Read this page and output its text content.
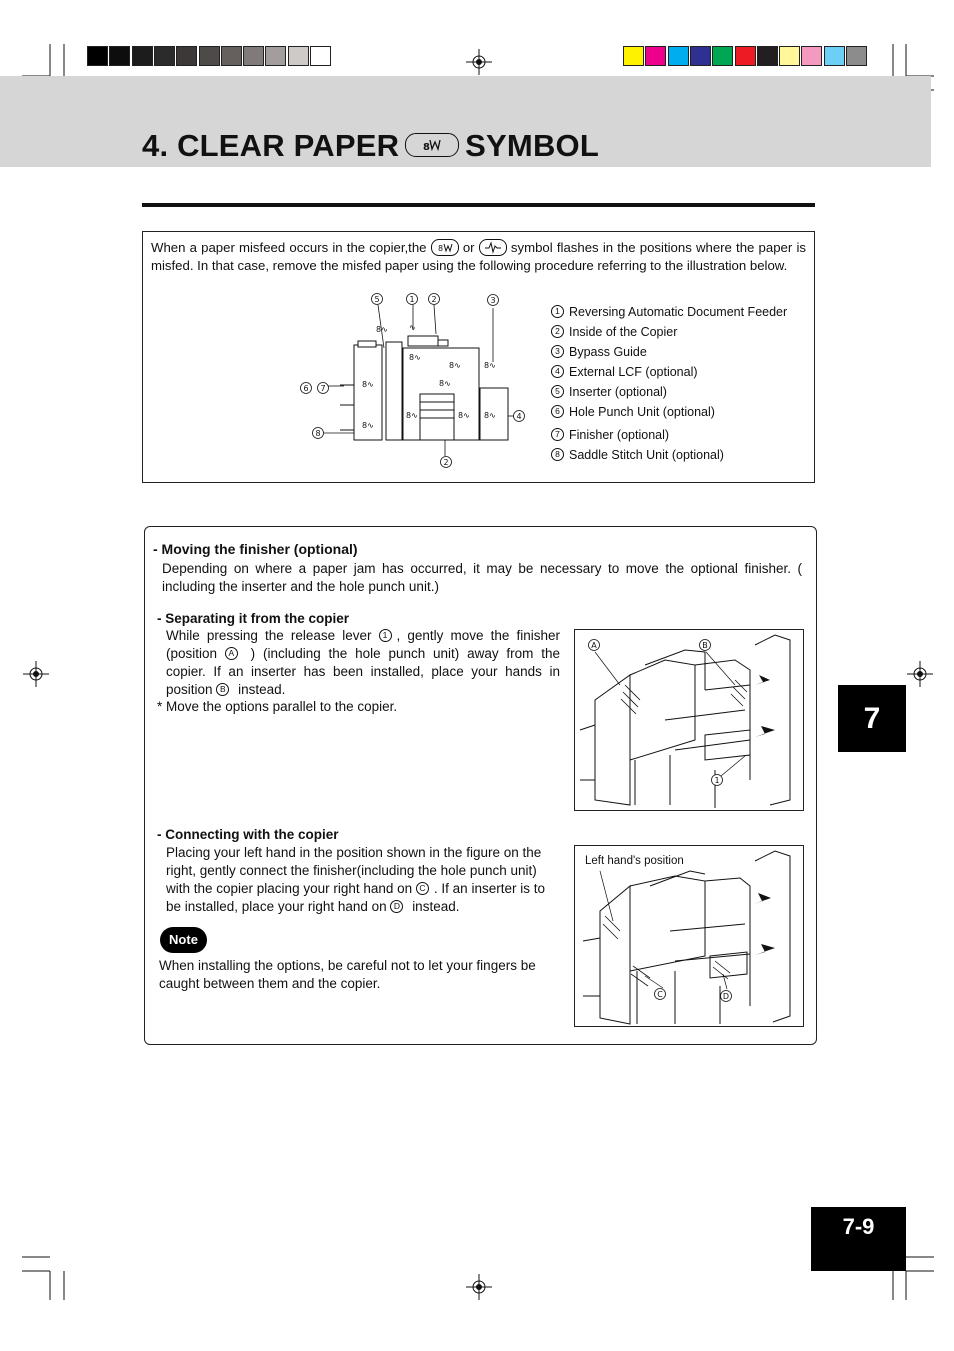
4. CLEAR PAPER 8 SYMBOL
When a paper misfeed occurs in the copier,the 8 or	symbol flashes in the positions where the paper is misfed. In that case, remove the misfed paper using the following procedure referring to the illustration below.
8∿	∿
8∿
8∿	8∿
8∿	8∿
8∿	8∿ 8∿
8∿
5	1 2	3
6 7
8
4
2
1 Reversing Automatic Document Feeder
2 Inside of the Copier
3 Bypass Guide
4 External LCF (optional)
5 Inserter (optional)
6 Hole Punch Unit (optional)
7 Finisher (optional)
8 Saddle Stitch Unit (optional)
- Moving the finisher (optional)
Depending on where a paper jam has occurred, it may be necessary to move the optional finisher. ( including the inserter and the hole punch unit.)
- Separating it from the copier
While pressing the release lever 1 , gently move the finisher (position A ) (including the hole punch unit) away from the copier. If an inserter has been installed, place your hands in position B instead.
* Move the options parallel to the copier.
A	B
1
- Connecting with the copier
Placing your left hand in the position shown in the figure on the right, gently connect the finisher(including the hole punch unit) with the copier placing your right hand on C . If an inserter is to be installed, place your right hand on D instead.
Note
When installing the options, be careful not to let your fingers be caught between them and the copier.
Left hand's position
C	D
7
7-9
